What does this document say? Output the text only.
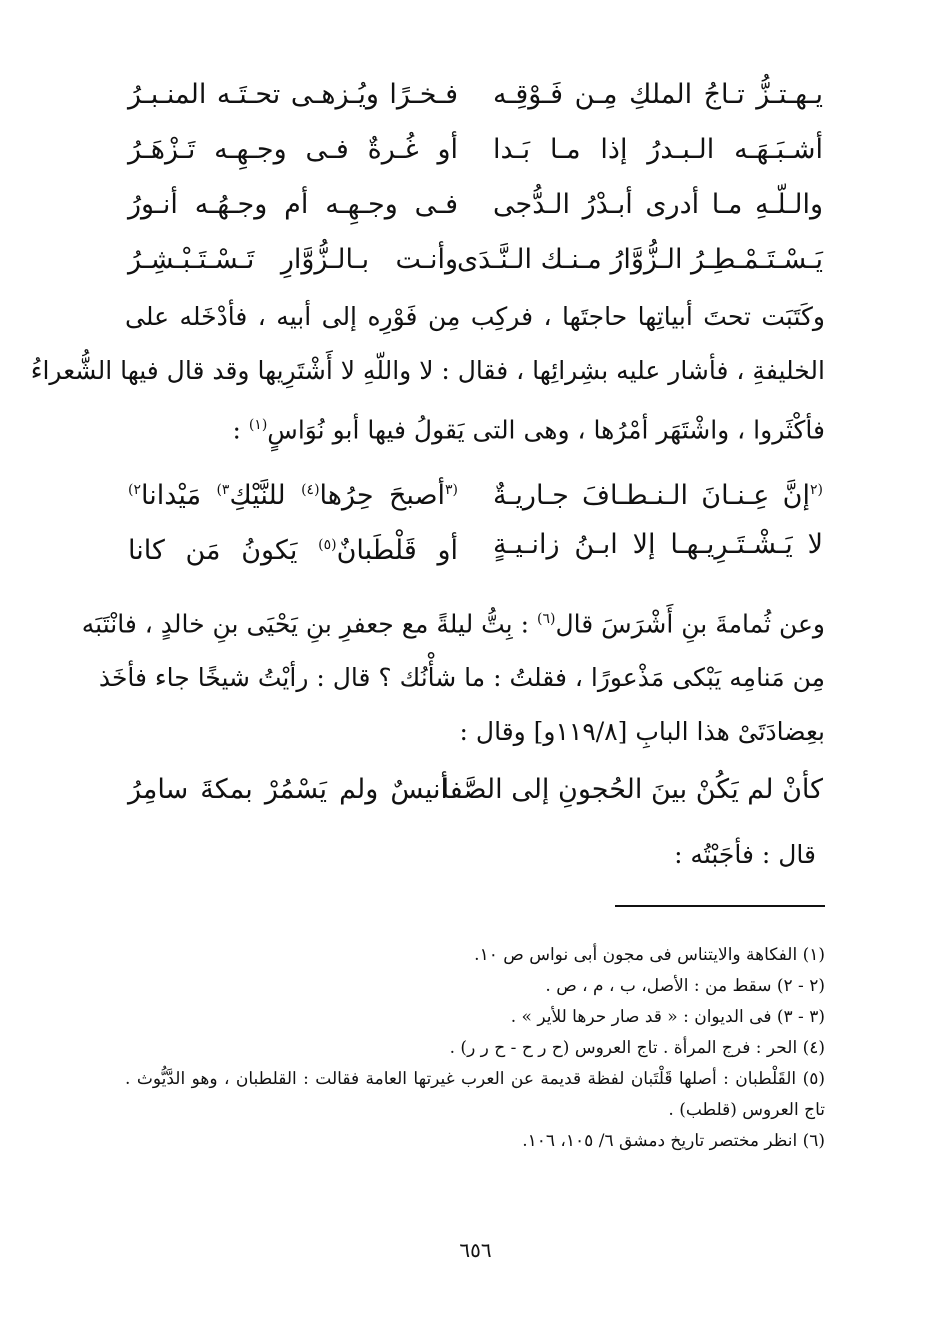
يـهـتـزُّ تـاجُ الملكِ مِـن فَـوْقِـه
فـخـرًا ويُـزهـى تحـتَـه المنـبـرُ
أشـبَـهَـه الـبـدرُ إذا مـا بَـدا
أو غُـرةٌ فـى وجـهِـه تَـزْهَـرُ
والـلّـهِ مـا أدرى أبـدْرُ الـدُّجى
فـى وجـهِـه أم وجـهُـه أنـورُ
يَـسْـتَـمْـطِـرُ الـزُّوَّارُ مـنـك الـنَّـدَى
وأنـت بـالـزُّوَّارِ تَـسْـتَـبْـشِـرُ
وكَتَبَت تحتَ أبياتِها حاجتَها ، فركِب مِن فَوْرِه إلى أبيه ، فأدْخَله على
الخليفةِ ، فأشار عليه بشِرائِها ، فقال : لا واللّهِ لا أَشْتَرِيها وقد قال فيها الشُّعراءُ
فأكْثَروا ، واشْتَهَر أمْرُها ، وهى التى يَقولُ فيها أبو نُوَاسٍ$^{(١)}$ :
$^{(٢}$إنَّ عِـنـانَ الـنـطـافَ جـاريـةٌ
$^{(٣}$أصبحَ حِرُها$^{(٤)}$ للنَّيْكِ$^{٣)}$ مَيْدانا$^{٢)}$
لا يَـشْـتَـرِيـهـا إلا ابـنُ زانـيـةٍ
أو قَلْطَبانٌ$^{(٥)}$ يَكونُ مَن كانا
وعن ثُمامةَ بنِ أَشْرَسَ قال$^{(٦)}$ : بِتُّ ليلةً مع جعفرِ بنِ يَحْيَى بنِ خالدٍ ، فانْتَبَه
مِن مَنامِه يَبْكى مَذْعورًا ، فقلتُ : ما شأْنُك ؟ قال : رأيْتُ شيخًا جاء فأخَذ
بعِضادَتَىْ هذا البابِ [١١٩/٨و] وقال :
كأنْ لم يَكُنْ بينَ الحُجونِ إلى الصَّفا
أنيسٌ ولم يَسْمُرْ بمكةَ سامِرُ
قال : فأجَبْتُه :
(١) الفكاهة والايتناس فى مجون أبى نواس ص ١٠.
(٢ - ٢) سقط من : الأصل، ب ، م ، ص .
(٣ - ٣) فى الديوان : « قد صار حرها للأير » .
(٤) الحر : فرج المرأة . تاج العروس (ح ر ح - ح ر ر) .
(٥) القَلْطبان : أصلها قَلْتَبان لفظة قديمة عن العرب غيرتها العامة فقالت : القلطبان ، وهو الدَّيُّوث . تاج العروس (قلطب) .
(٦) انظر مختصر تاريخ دمشق ٦/ ١٠٥، ١٠٦.
٦٥٦
